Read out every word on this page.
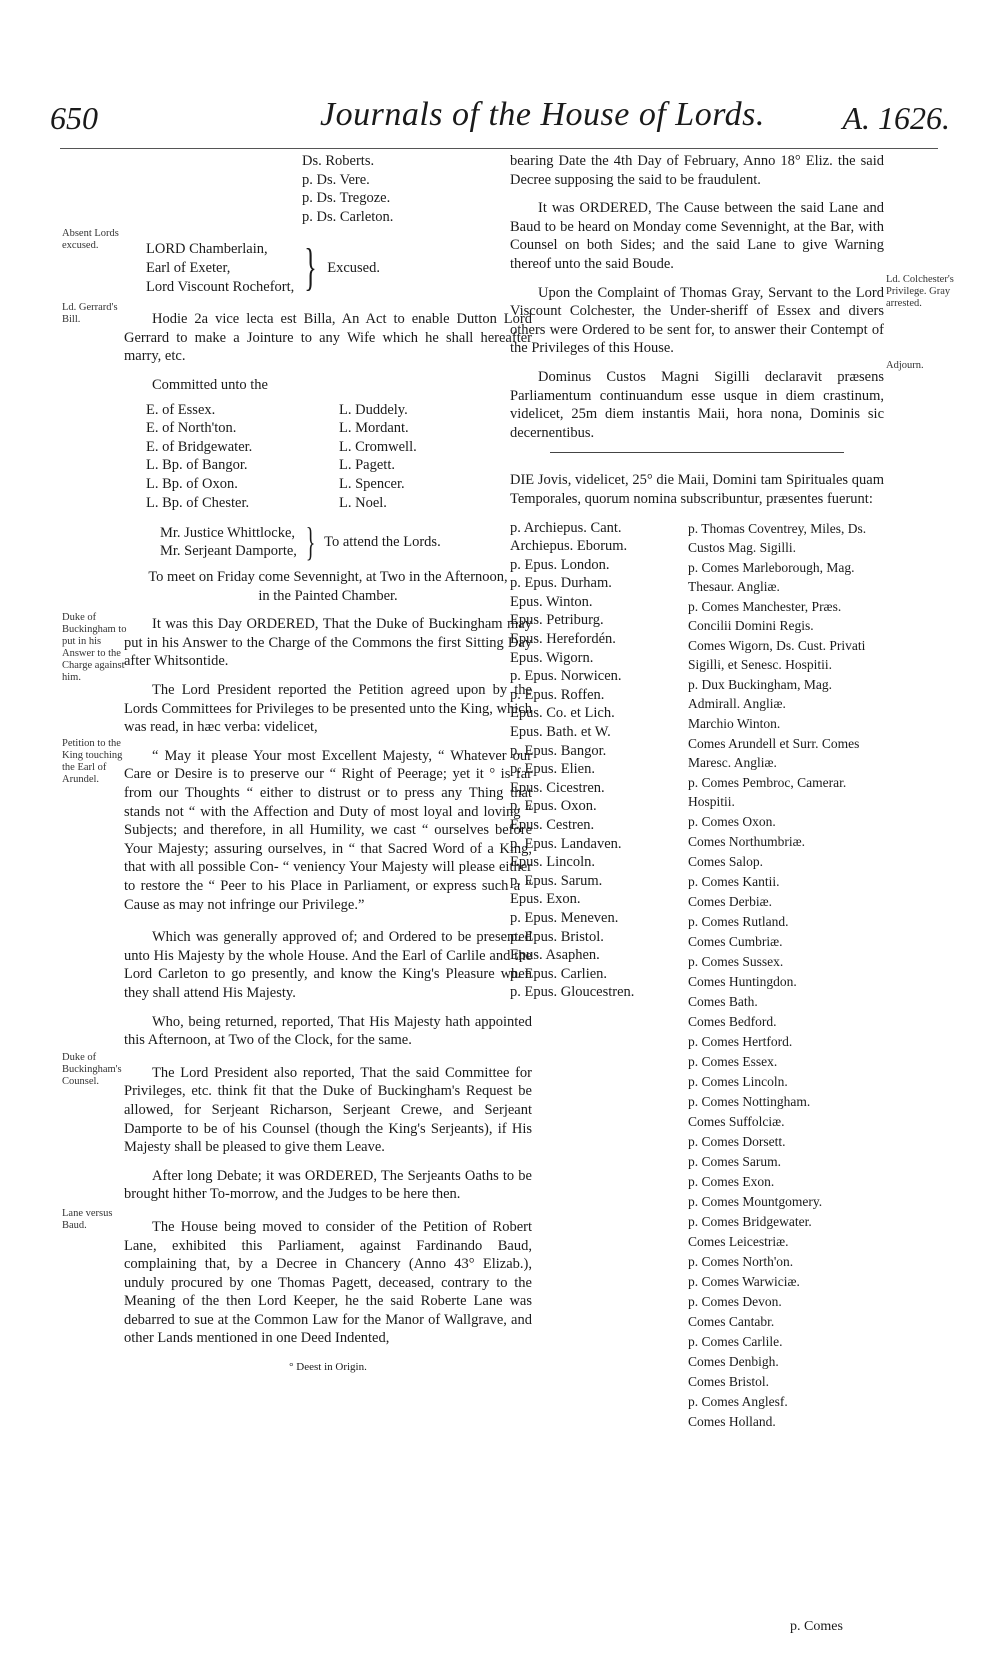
650	Journals of the House of Lords. A. 1626.
Ds. Roberts.
p. Ds. Vere.
p. Ds. Tregoze.
p. Ds. Carleton.
LORD Chamberlain,
Earl of Exeter,
Lord Viscount Rochefort, } Excused.

Hodie 2a vice lecta est Billa, An Act to enable Dutton Lord Gerrard to make a Jointure to any Wife which he shall hereafter marry, etc.

Committed unto the

E. of Essex.
E. of North'ton.
E. of Bridgewater.
L. Bp. of Bangor.
L. Bp. of Oxon.
L. Bp. of Chester.
L. Duddely.
L. Mordant.
L. Cromwell.
L. Pagett.
L. Spencer.
L. Noel.
Mr. Justice Whittlocke,
Mr. Serjeant Damporte, } To attend the Lords.

To meet on Friday come Sevennight, at Two in the Afternoon, in the Painted Chamber.

It was this Day ORDERED, That the Duke of Buckingham may put in his Answer to the Charge of the Commons the first Sitting Day after Whitsontide.

The Lord President reported the Petition agreed upon by the Lords Committees for Privileges to be presented unto the King, which was read, in hæc verba: videlicet,

“ May it please Your most Excellent Majesty, “ Whatever our Care or Desire is to preserve our “ Right of Peerage; yet it ° is far from our Thoughts “ either to distrust or to press any Thing that stands not “ with the Affection and Duty of most loyal and loving “ Subjects; and therefore, in all Humility, we cast “ ourselves before Your Majesty; assuring ourselves, in “ that Sacred Word of a King, that with all possible Con- “ veniency Your Majesty will please either to restore the “ Peer to his Place in Parliament, or express such a “ Cause as may not infringe our Privilege.”

Which was generally approved of; and Ordered to be presented unto His Majesty by the whole House. And the Earl of Carlile and the Lord Carleton to go presently, and know the King's Pleasure when they shall attend His Majesty.

Who, being returned, reported, That His Majesty hath appointed this Afternoon, at Two of the Clock, for the same.

The Lord President also reported, That the said Committee for Privileges, etc. think fit that the Duke of Buckingham's Request be allowed, for Serjeant Richarson, Serjeant Crewe, and Serjeant Damporte to be of his Counsel (though the King's Serjeants), if His Majesty shall be pleased to give them Leave.

After long Debate; it was ORDERED, The Serjeants Oaths to be brought hither To-morrow, and the Judges to be here then.

The House being moved to consider of the Petition of Robert Lane, exhibited this Parliament, against Fardinando Baud, complaining that, by a Decree in Chancery (Anno 43° Elizab.), unduly procured by one Thomas Pagett, deceased, contrary to the Meaning of the then Lord Keeper, he the said Roberte Lane was debarred to sue at the Common Law for the Manor of Wallgrave, and other Lands mentioned in one Deed Indented,

° Deest in Origin.

Absent Lords excused.
Ld. Gerrard's Bill.
Duke of Buckingham to put in his Answer to the Charge against him.
Petition to the King touching the Earl of Arundel.
Duke of Buckingham's Counsel.
Lane versus Baud.

bearing Date the 4th Day of February, Anno 18° Eliz. the said Decree supposing the said to be fraudulent.

It was ORDERED, The Cause between the said Lane and Baud to be heard on Monday come Sevennight, at the Bar, with Counsel on both Sides; and the said Lane to give Warning thereof unto the said Boude.

Upon the Complaint of Thomas Gray, Servant to the Lord Viscount Colchester, the Under-sheriff of Essex and divers others were Ordered to be sent for, to answer their Contempt of the Privileges of this House.

Dominus Custos Magni Sigilli declaravit præsens Parliamentum continuandum esse usque in diem crastinum, videlicet, 25m diem instantis Maii, hora nona, Dominis sic decernentibus.

DIE Jovis, videlicet, 25° die Maii, Domini tam Spirituales quam Temporales, quorum nomina subscribuntur, præsentes fuerunt:

p. Archiepus. Cant.
Archiepus. Eborum.
p. Epus. London.
p. Epus. Durham.
Epus. Winton.
Epus. Petriburg.
Epus. Herefordén.
Epus. Wigorn.
p. Epus. Norwicen.
p. Epus. Roffen.
Epus. Co. et Lich.
Epus. Bath. et W.
p. Epus. Bangor.
p. Epus. Elien.
Epus. Cicestren.
p. Epus. Oxon.
Epus. Cestren.
p. Epus. Landaven.
Epus. Lincoln.
p. Epus. Sarum.
Epus. Exon.
p. Epus. Meneven.
p. Epus. Bristol.
Epus. Asaphen.
p. Epus. Carlien.
p. Epus. Gloucestren.
p. Thomas Coventrey, Miles, Ds. Custos Mag. Sigilli.
p. Comes Marleborough, Mag. Thesaur. Angliæ.
p. Comes Manchester, Præs. Concilii Domini Regis.
Comes Wigorn, Ds. Cust. Privati Sigilli, et Senesc. Hospitii.
p. Dux Buckingham, Mag. Admirall. Angliæ.
Marchio Winton.
Comes Arundell et Surr. Comes Maresc. Angliæ.
p. Comes Pembroc, Camerar. Hospitii.
p. Comes Oxon.
Comes Northumbriæ.
Comes Salop.
p. Comes Kantii.
Comes Derbiæ.
p. Comes Rutland.
Comes Cumbriæ.
p. Comes Sussex.
Comes Huntingdon.
Comes Bath.
Comes Bedford.
p. Comes Hertford.
p. Comes Essex.
p. Comes Lincoln.
p. Comes Nottingham.
Comes Suffolciæ.
p. Comes Dorsett.
p. Comes Sarum.
p. Comes Exon.
p. Comes Mountgomery.
p. Comes Bridgewater.
Comes Leicestriæ.
p. Comes North'on.
p. Comes Warwiciæ.
p. Comes Devon.
Comes Cantabr.
p. Comes Carlile.
Comes Denbigh.
Comes Bristol.
p. Comes Anglesf.
Comes Holland.
Ld. Colchester's Privilege. Gray arrested.
Adjourn.
p. Comes
